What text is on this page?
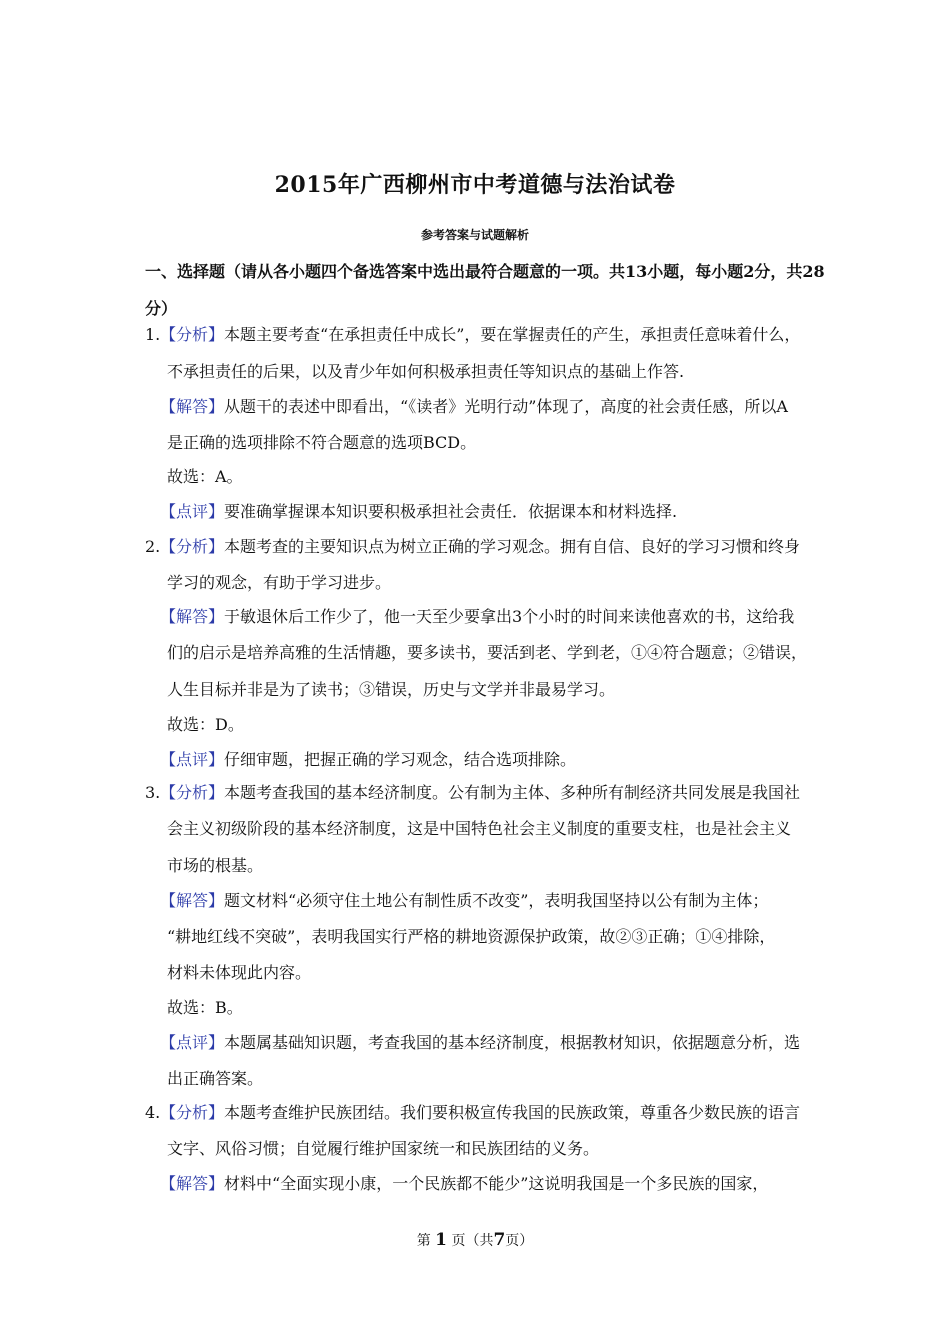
2015年广西柳州市中考道德与法治试卷
参考答案与试题解析
一、选择题（请从各小题四个备选答案中选出最符合题意的一项。共13小题，每小题2分，共28分）
1. 【分析】本题主要考查“在承担责任中成长”，要在掌握责任的产生，承担责任意味着什么，
不承担责任的后果，以及青少年如何积极承担责任等知识点的基础上作答.
【解答】从题干的表述中即看出，“《读者》光明行动”体现了，高度的社会责任感，所以A
是正确的选项排除不符合题意的选项BCD。
故选：A。
【点评】要准确掌握课本知识要积极承担社会责任．依据课本和材料选择.
2. 【分析】本题考查的主要知识点为树立正确的学习观念。拥有自信、良好的学习习惯和终身
学习的观念，有助于学习进步。
【解答】于敏退休后工作少了，他一天至少要拿出3个小时的时间来读他喜欢的书，这给我
们的启示是培养高雅的生活情趣，要多读书，要活到老、学到老，①④符合题意；②错误，
人生目标并非是为了读书；③错误，历史与文学并非最易学习。
故选：D。
【点评】仔细审题，把握正确的学习观念，结合选项排除。
3. 【分析】本题考查我国的基本经济制度。公有制为主体、多种所有制经济共同发展是我国社
会主义初级阶段的基本经济制度，这是中国特色社会主义制度的重要支柱，也是社会主义
市场的根基。
【解答】题文材料“必须守住土地公有制性质不改变”，表明我国坚持以公有制为主体；
“耕地红线不突破”，表明我国实行严格的耕地资源保护政策，故②③正确；①④排除，
材料未体现此内容。
故选：B。
【点评】本题属基础知识题，考查我国的基本经济制度，根据教材知识，依据题意分析，选
出正确答案。
4. 【分析】本题考查维护民族团结。我们要积极宣传我国的民族政策，尊重各少数民族的语言
文字、风俗习惯；自觉履行维护国家统一和民族团结的义务。
【解答】材料中“全面实现小康，一个民族都不能少”这说明我国是一个多民族的国家，
第 1 页（共7页）
